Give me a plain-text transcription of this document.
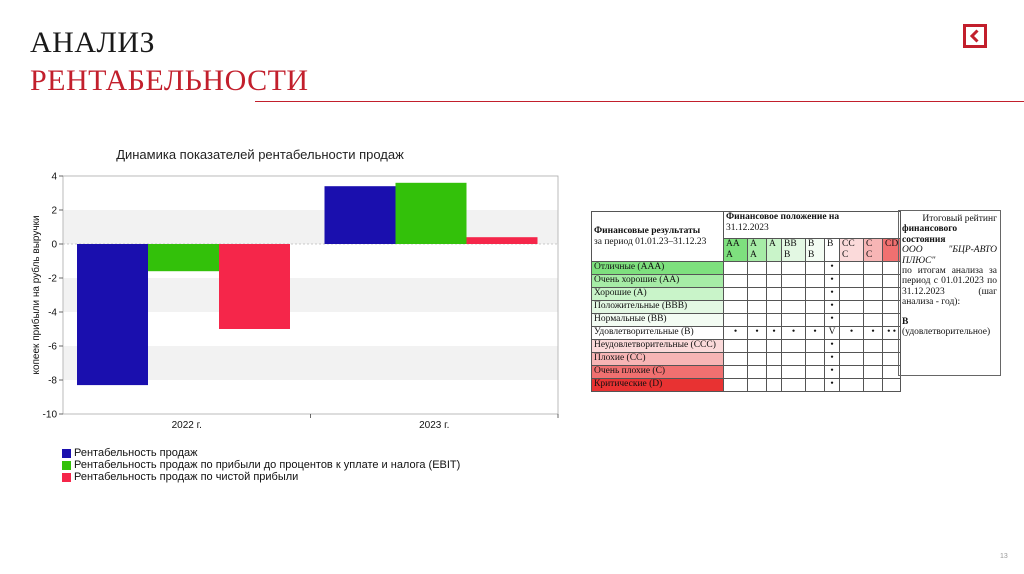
АНАЛИЗ
РЕНТАБЕЛЬНОСТИ
Динамика показателей рентабельности продаж
4
2
0
-2
-4
-6
-8
-10
копеек прибыли на рубль выручки
2022 г.	2023 г.
Рентабельность продаж
Рентабельность продаж по прибыли до процентов к уплате и налога (EBIT)
Рентабельность продаж по чистой прибыли
Финансовые результаты
за период 01.01.23–31.12.23	Финансовое положение на
31.12.2023								
	АА А	А А	А	ВВ В	В В	В	СС С	С С	СD
Отличные (ААА)						•			
Очень хорошие (АА)						•			
Хорошие (А)						•			
Положительные (ВВВ)						•			
Нормальные (ВВ)						•			
Удовлетворительные (В)	•	•	•	•	•	V	•	•	• •
Неудовлетворительные (ССС)						•			
Плохие (СС)						•			
Очень плохие (С)						•			
Критические (D)						•			
Итоговый рейтинг
финансового состояния
ООО "БЦР-АВТО ПЛЮС"
по итогам анализа за период с 01.01.2023 по 31.12.2023 (шаг анализа - год):
B
(удовлетворительное)
13
